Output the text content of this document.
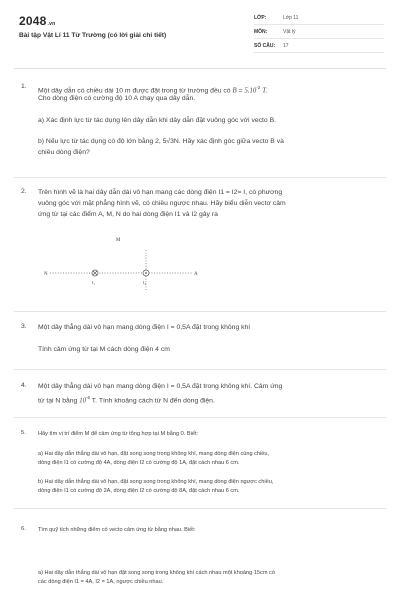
2048.vn
Bài tập Vật Lí 11 Từ Trường (có lời giải chi tiết)
LỚP:	Lớp 11
MÔN:	Vật lý
SỐ CÂU: 17
1.
Một dây dẫn có chiều dài 10 m được đặt trong từ trường đều có $B = 5.10^{-2}$ T.
Cho dòng điện có cường độ 10 A chạy qua dây dẫn.
a) Xác định lực từ tác dụng lên dây dẫn khi dây dẫn đặt vuông góc với vecto B.
b) Nếu lực từ tác dụng có độ lớn bằng 2, 5√3N. Hãy xác định góc giữa vecto B và
chiều dòng điện?
2. Trên hình vẽ là hai dây dẫn dài vô hạn mang các dòng điện I1 = I2= I, có phương
vuông góc với mặt phẳng hình vẽ, có chiều ngược nhau. Hãy biểu diễn vectơ cảm
ứng từ tại các điểm A, M, N do hai dòng điện I1 và I2 gây ra
M
N	A
I₁	I₂
3. Một dây thẳng dài vô hạn mang dòng điện I = 0,5A đặt trong không khí
Tính cảm ứng từ tại M cách dòng điện 4 cm
4. Một dây thẳng dài vô hạn mang dòng điện I = 0,5A đặt trong không khí. Cảm ứng
từ tại N bằng $10^{-6}$ T. Tính khoảng cách từ N đến dòng điện.
5. Hãy tìm vị trí điểm M để cảm ứng từ tổng hợp tại M bằng 0. Biết:
a) Hai dây dẫn thẳng dài vô hạn, đặt song song trong không khí, mang dòng điện cùng chiều,
dòng điện I1 có cường độ 4A, dòng điện I2 có cường độ 1A, đặt cách nhau 6 cm.
b) Hai dây dẫn thẳng dài vô hạn, đặt song song trong không khí, mang dòng điện ngược chiều,
dòng điện I1 có cường độ 2A, dòng điện I2 có cường độ 8A, đặt cách nhau 6 cm.
6. Tìm quỹ tích những điểm có vecto cảm ứng từ bằng nhau. Biết:
a) Hai dây dẫn thẳng dài vô hạn đặt song song trong không khí cách nhau một khoảng 15cm có
các dòng điện I1 = 4A, I2 = 1A, ngược chiều nhau.
